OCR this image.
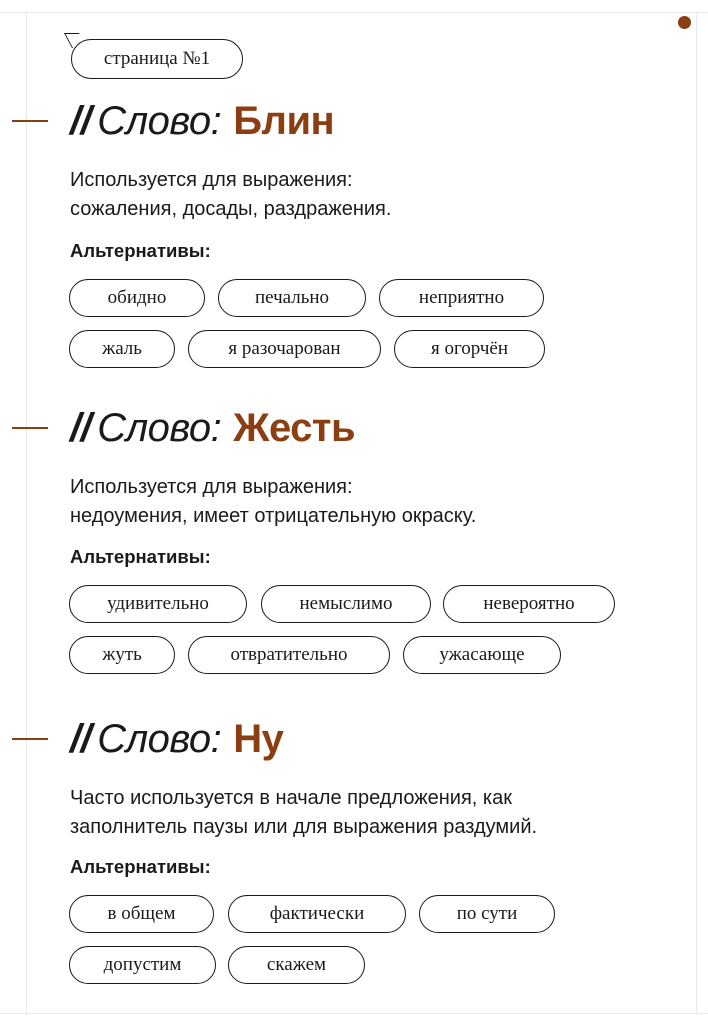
страница №1
// Слово: Блин
Используется для выражения:
сожаления, досады, раздражения.
Альтернативы:
обидно	печально	неприятно
жаль	я разочарован	я огорчён
// Слово: Жесть
Используется для выражения:
недоумения, имеет отрицательную окраску.
Альтернативы:
удивительно	немыслимо	невероятно
жуть	отвратительно	ужасающе
// Слово: Ну
Часто используется в начале предложения, как
заполнитель паузы или для выражения раздумий.
Альтернативы:
в общем	фактически	по сути
допустим	скажем
